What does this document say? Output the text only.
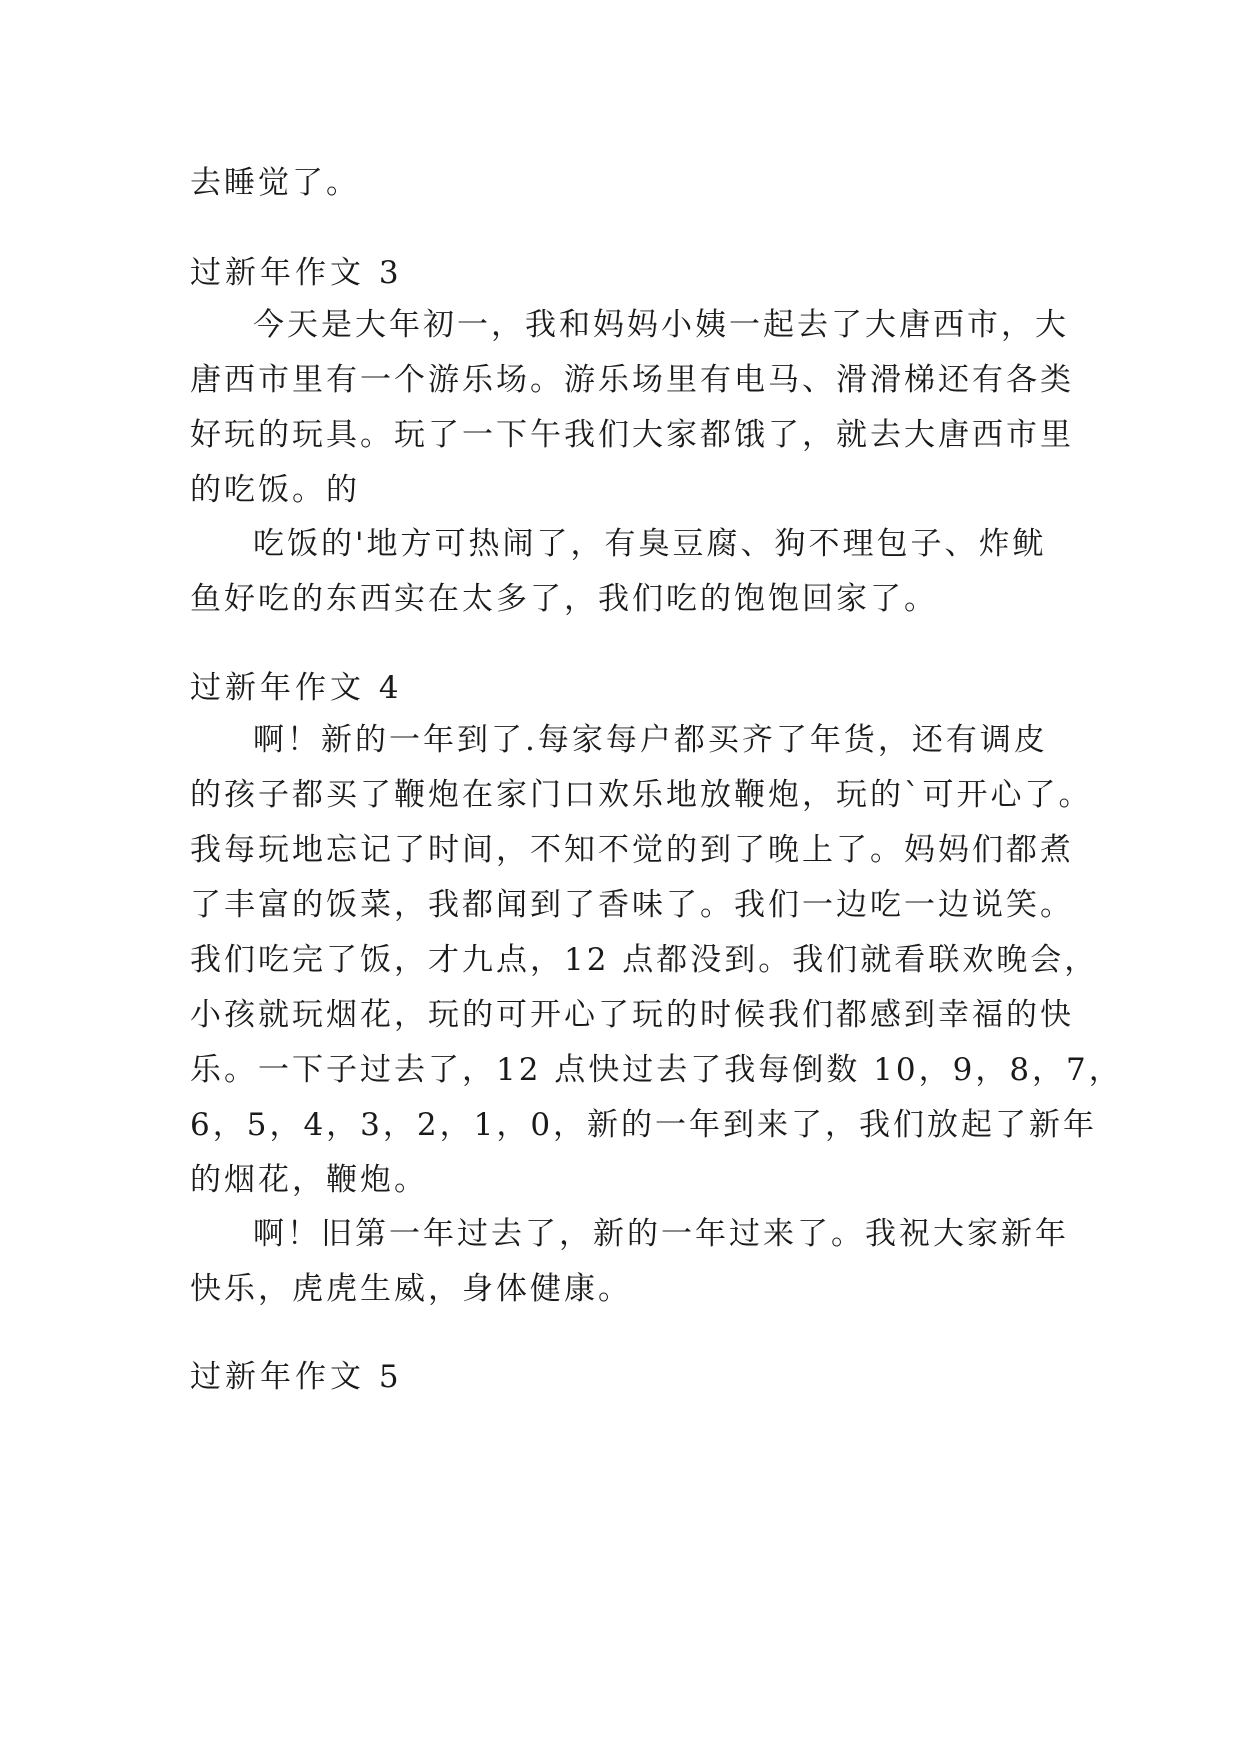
去睡觉了。
过新年作文 3
今天是大年初一，我和妈妈小姨一起去了大唐西市，大
唐西市里有一个游乐场。游乐场里有电马、滑滑梯还有各类
好玩的玩具。玩了一下午我们大家都饿了，就去大唐西市里
的吃饭。的
吃饭的'地方可热闹了，有臭豆腐、狗不理包子、炸鱿
鱼好吃的东西实在太多了，我们吃的饱饱回家了。
过新年作文 4
啊！新的一年到了.每家每户都买齐了年货，还有调皮
的孩子都买了鞭炮在家门口欢乐地放鞭炮，玩的`可开心了。
我每玩地忘记了时间，不知不觉的到了晚上了。妈妈们都煮
了丰富的饭菜，我都闻到了香味了。我们一边吃一边说笑。
我们吃完了饭，才九点，12 点都没到。我们就看联欢晚会，
小孩就玩烟花，玩的可开心了玩的时候我们都感到幸福的快
乐。一下子过去了，12 点快过去了我每倒数 10，9，8，7，
6，5，4，3，2，1，0，新的一年到来了，我们放起了新年
的烟花，鞭炮。
啊！旧第一年过去了，新的一年过来了。我祝大家新年
快乐，虎虎生威，身体健康。
过新年作文 5
